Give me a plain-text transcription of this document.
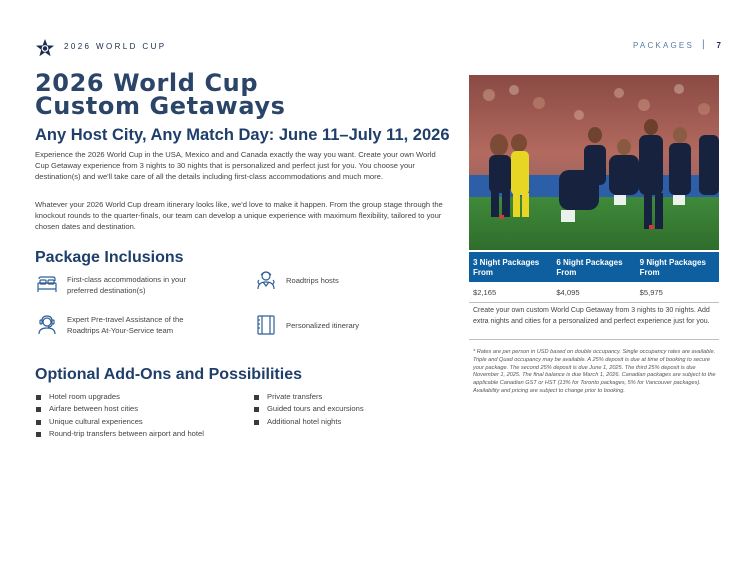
2026 WORLD CUP	PACKAGES | 7
2026 World Cup
Custom Getaways
Any Host City, Any Match Day: June 11–July 11, 2026

Experience the 2026 World Cup in the USA, Mexico and and Canada exactly the way you want. Create your own World Cup Getaway experience from 3 nights to 30 nights that is personalized and perfect just for you. You choose your destination(s) and we'll take care of all the details including first-class accommodations and much more.

Whatever your 2026 World Cup dream itinerary looks like, we'd love to make it happen. From the group stage through the knockout rounds to the quarter-finals, our team can develop a unique experience with maximum flexibility, tailored to your chosen dates and destination.

Package Inclusions
First-class accommodations in your preferred destination(s)
Roadtrips hosts
Expert Pre-travel Assistance of the Roadtrips At-Your-Service team
Personalized itinerary
Optional Add-Ons and Possibilities
Hotel room upgrades
Airfare between host cities
Unique cultural experiences
Round-trip transfers between airport and hotel
Private transfers
Guided tours and excursions
Additional hotel nights
3 Night Packages From	6 Night Packages From	9 Night Packages From

$2,165	$4,095	$5,975

Create your own custom World Cup Getaway from 3 nights to 30 nights. Add extra nights and cities for a personalized and perfect experience just for you.

* Rates are per person in USD based on double occupancy. Single occupancy rates are available. Triple and Quad occupancy may be available. A 25% deposit is due at time of booking to secure your package. The second 25% deposit is due June 1, 2025. The third 25% deposit is due November 1, 2025. The final balance is due March 1, 2026. Canadian packages are subject to the applicable Canadian GST or HST (13% for Toronto packages, 5% for Vancouver packages). Availability and pricing are subject to change prior to booking.
